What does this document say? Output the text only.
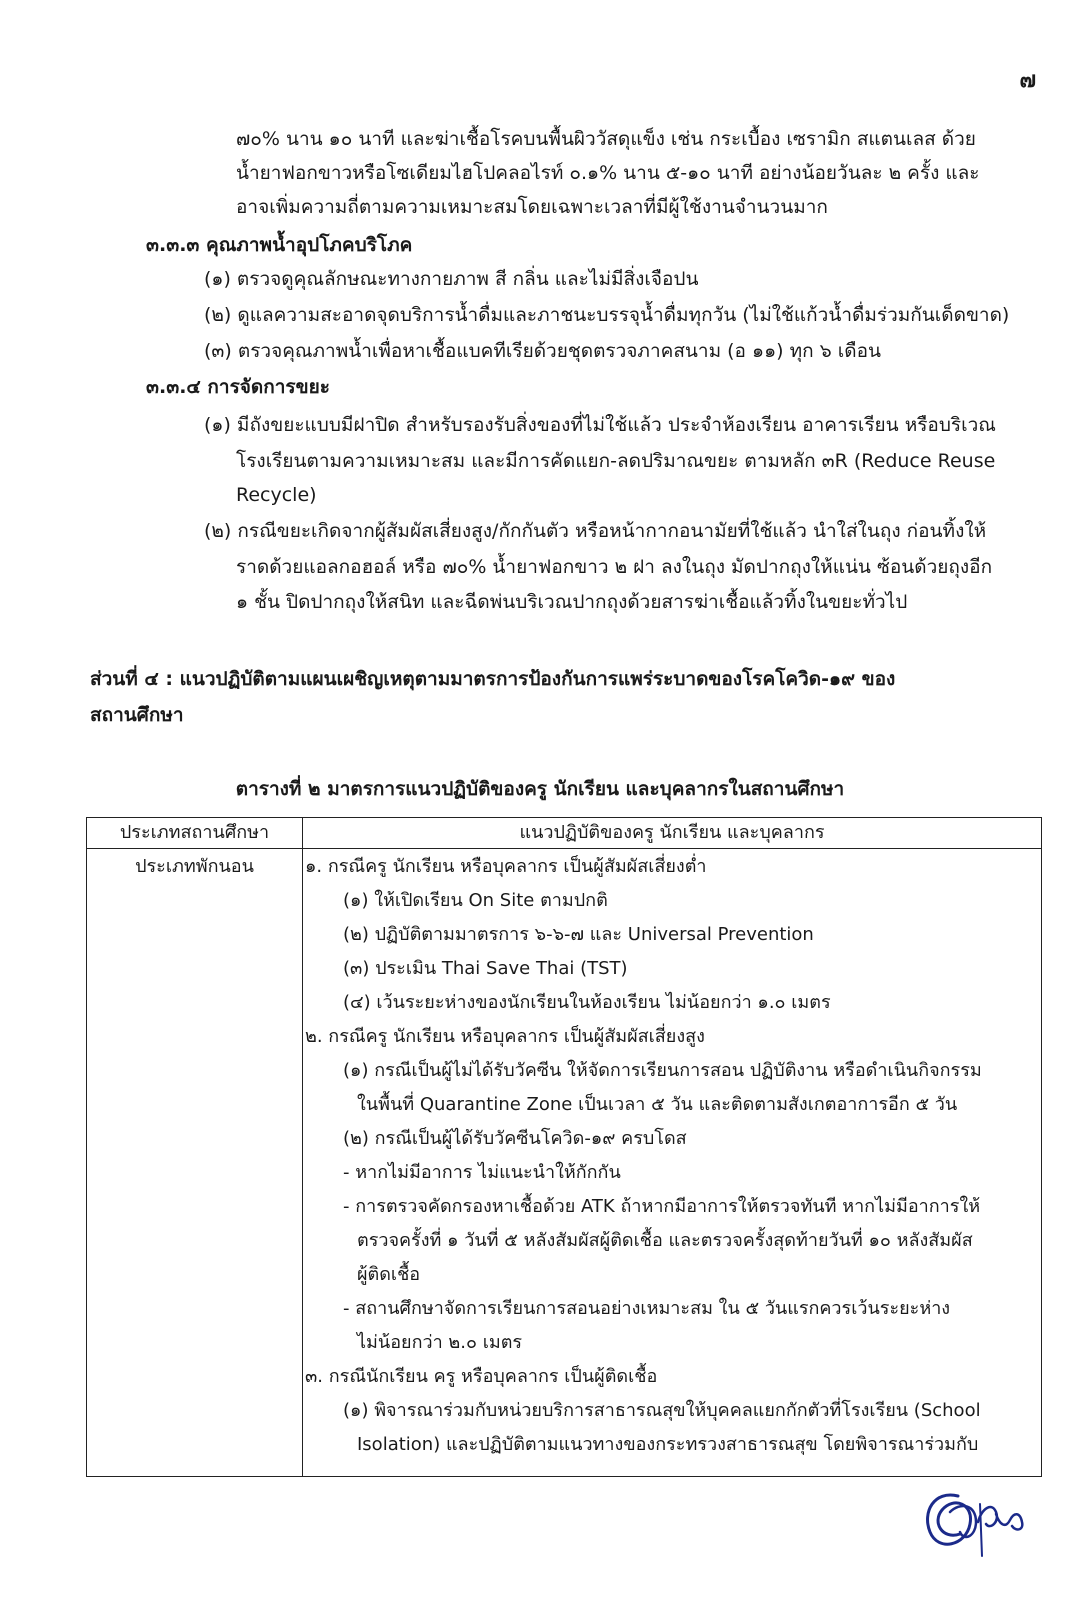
๗
๗๐% นาน ๑๐ นาที และฆ่าเชื้อโรคบนพื้นผิววัสดุแข็ง เช่น กระเบื้อง เซรามิก สแตนเลส ด้วย
น้ำยาฟอกขาวหรือโซเดียมไฮโปคลอไรท์ ๐.๑% นาน ๕-๑๐ นาที อย่างน้อยวันละ ๒ ครั้ง และ
อาจเพิ่มความถี่ตามความเหมาะสมโดยเฉพาะเวลาที่มีผู้ใช้งานจำนวนมาก
๓.๓.๓ คุณภาพน้ำอุปโภคบริโภค
(๑) ตรวจดูคุณลักษณะทางกายภาพ สี กลิ่น และไม่มีสิ่งเจือปน
(๒) ดูแลความสะอาดจุดบริการน้ำดื่มและภาชนะบรรจุน้ำดื่มทุกวัน (ไม่ใช้แก้วน้ำดื่มร่วมกันเด็ดขาด)
(๓) ตรวจคุณภาพน้ำเพื่อหาเชื้อแบคทีเรียด้วยชุดตรวจภาคสนาม (อ ๑๑) ทุก ๖ เดือน
๓.๓.๔ การจัดการขยะ
(๑) มีถังขยะแบบมีฝาปิด สำหรับรองรับสิ่งของที่ไม่ใช้แล้ว ประจำห้องเรียน อาคารเรียน หรือบริเวณ
โรงเรียนตามความเหมาะสม และมีการคัดแยก-ลดปริมาณขยะ ตามหลัก ๓R (Reduce Reuse
Recycle)
(๒) กรณีขยะเกิดจากผู้สัมผัสเสี่ยงสูง/กักกันตัว หรือหน้ากากอนามัยที่ใช้แล้ว นำใส่ในถุง ก่อนทิ้งให้
ราดด้วยแอลกอฮอล์ หรือ ๗๐% น้ำยาฟอกขาว ๒ ฝา ลงในถุง มัดปากถุงให้แน่น ซ้อนด้วยถุงอีก
๑ ชั้น ปิดปากถุงให้สนิท และฉีดพ่นบริเวณปากถุงด้วยสารฆ่าเชื้อแล้วทิ้งในขยะทั่วไป
ส่วนที่ ๔ : แนวปฏิบัติตามแผนเผชิญเหตุตามมาตรการป้องกันการแพร่ระบาดของโรคโควิด-๑๙ ของ
สถานศึกษา
ตารางที่ ๒ มาตรการแนวปฏิบัติของครู นักเรียน และบุคลากรในสถานศึกษา
ประเภทสถานศึกษา	แนวปฏิบัติของครู นักเรียน และบุคลากร
ประเภทพักนอน	๑. กรณีครู นักเรียน หรือบุคลากร เป็นผู้สัมผัสเสี่ยงต่ำ
(๑) ให้เปิดเรียน On Site ตามปกติ
(๒) ปฏิบัติตามมาตรการ ๖-๖-๗ และ Universal Prevention
(๓) ประเมิน Thai Save Thai (TST)
(๔) เว้นระยะห่างของนักเรียนในห้องเรียน ไม่น้อยกว่า ๑.๐ เมตร
๒. กรณีครู นักเรียน หรือบุคลากร เป็นผู้สัมผัสเสี่ยงสูง
(๑) กรณีเป็นผู้ไม่ได้รับวัคซีน ให้จัดการเรียนการสอน ปฏิบัติงาน หรือดำเนินกิจกรรม
ในพื้นที่ Quarantine Zone เป็นเวลา ๕ วัน และติดตามสังเกตอาการอีก ๕ วัน
(๒) กรณีเป็นผู้ได้รับวัคซีนโควิด-๑๙ ครบโดส
- หากไม่มีอาการ ไม่แนะนำให้กักกัน
- การตรวจคัดกรองหาเชื้อด้วย ATK ถ้าหากมีอาการให้ตรวจทันที หากไม่มีอาการให้
ตรวจครั้งที่ ๑ วันที่ ๕ หลังสัมผัสผู้ติดเชื้อ และตรวจครั้งสุดท้ายวันที่ ๑๐ หลังสัมผัส
ผู้ติดเชื้อ
- สถานศึกษาจัดการเรียนการสอนอย่างเหมาะสม ใน ๕ วันแรกควรเว้นระยะห่าง
ไม่น้อยกว่า ๒.๐ เมตร
๓. กรณีนักเรียน ครู หรือบุคลากร เป็นผู้ติดเชื้อ
(๑) พิจารณาร่วมกับหน่วยบริการสาธารณสุขให้บุคคลแยกกักตัวที่โรงเรียน (School
Isolation) และปฏิบัติตามแนวทางของกระทรวงสาธารณสุข โดยพิจารณาร่วมกับ
